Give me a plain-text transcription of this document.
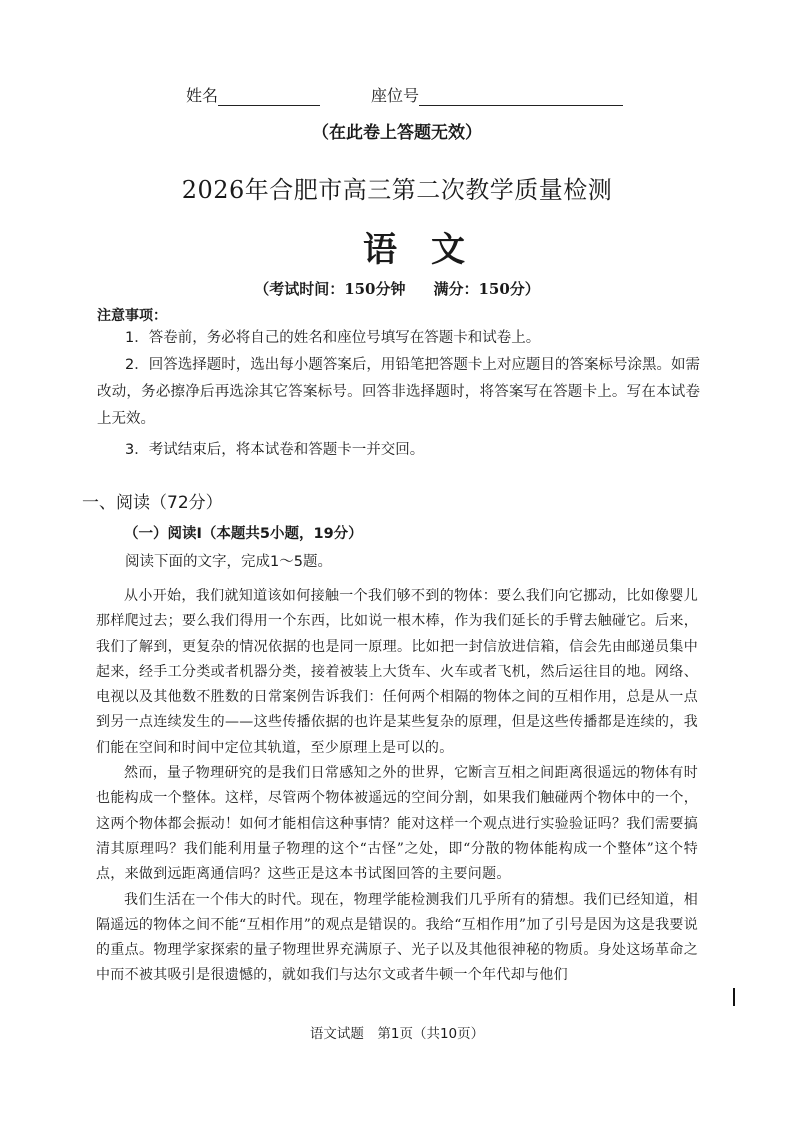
姓名	座位号
（在此卷上答题无效）
2026年合肥市高三第二次教学质量检测
语文
（考试时间：150分钟 满分：150分）
注意事项：
1．答卷前，务必将自己的姓名和座位号填写在答题卡和试卷上。
2．回答选择题时，选出每小题答案后，用铅笔把答题卡上对应题目的答案标号涂黑。如需改动，务必擦净后再选涂其它答案标号。回答非选择题时，将答案写在答题卡上。写在本试卷上无效。
3．考试结束后，将本试卷和答题卡一并交回。
一、阅读（72分）
（一）阅读Ⅰ（本题共5小题，19分）
阅读下面的文字，完成1～5题。

从小开始，我们就知道该如何接触一个我们够不到的物体：要么我们向它挪动，比如像婴儿那样爬过去；要么我们得用一个东西，比如说一根木棒，作为我们延长的手臂去触碰它。后来，我们了解到，更复杂的情况依据的也是同一原理。比如把一封信放进信箱，信会先由邮递员集中起来，经手工分类或者机器分类，接着被装上大货车、火车或者飞机，然后运往目的地。网络、电视以及其他数不胜数的日常案例告诉我们：任何两个相隔的物体之间的互相作用，总是从一点到另一点连续发生的——这些传播依据的也许是某些复杂的原理，但是这些传播都是连续的，我们能在空间和时间中定位其轨道，至少原理上是可以的。

然而，量子物理研究的是我们日常感知之外的世界，它断言互相之间距离很遥远的物体有时也能构成一个整体。这样，尽管两个物体被遥远的空间分割，如果我们触碰两个物体中的一个，这两个物体都会振动！如何才能相信这种事情？能对这样一个观点进行实验验证吗？我们需要搞清其原理吗？我们能利用量子物理的这个“古怪”之处，即“分散的物体能构成一个整体”这个特点，来做到远距离通信吗？这些正是这本书试图回答的主要问题。

我们生活在一个伟大的时代。现在，物理学能检测我们几乎所有的猜想。我们已经知道，相隔遥远的物体之间不能“互相作用”的观点是错误的。我给“互相作用”加了引号是因为这是我要说的重点。物理学家探索的量子物理世界充满原子、光子以及其他很神秘的物质。身处这场革命之中而不被其吸引是很遗憾的，就如我们与达尔文或者牛顿一个年代却与他们

语文试题　第1页（共10页）
